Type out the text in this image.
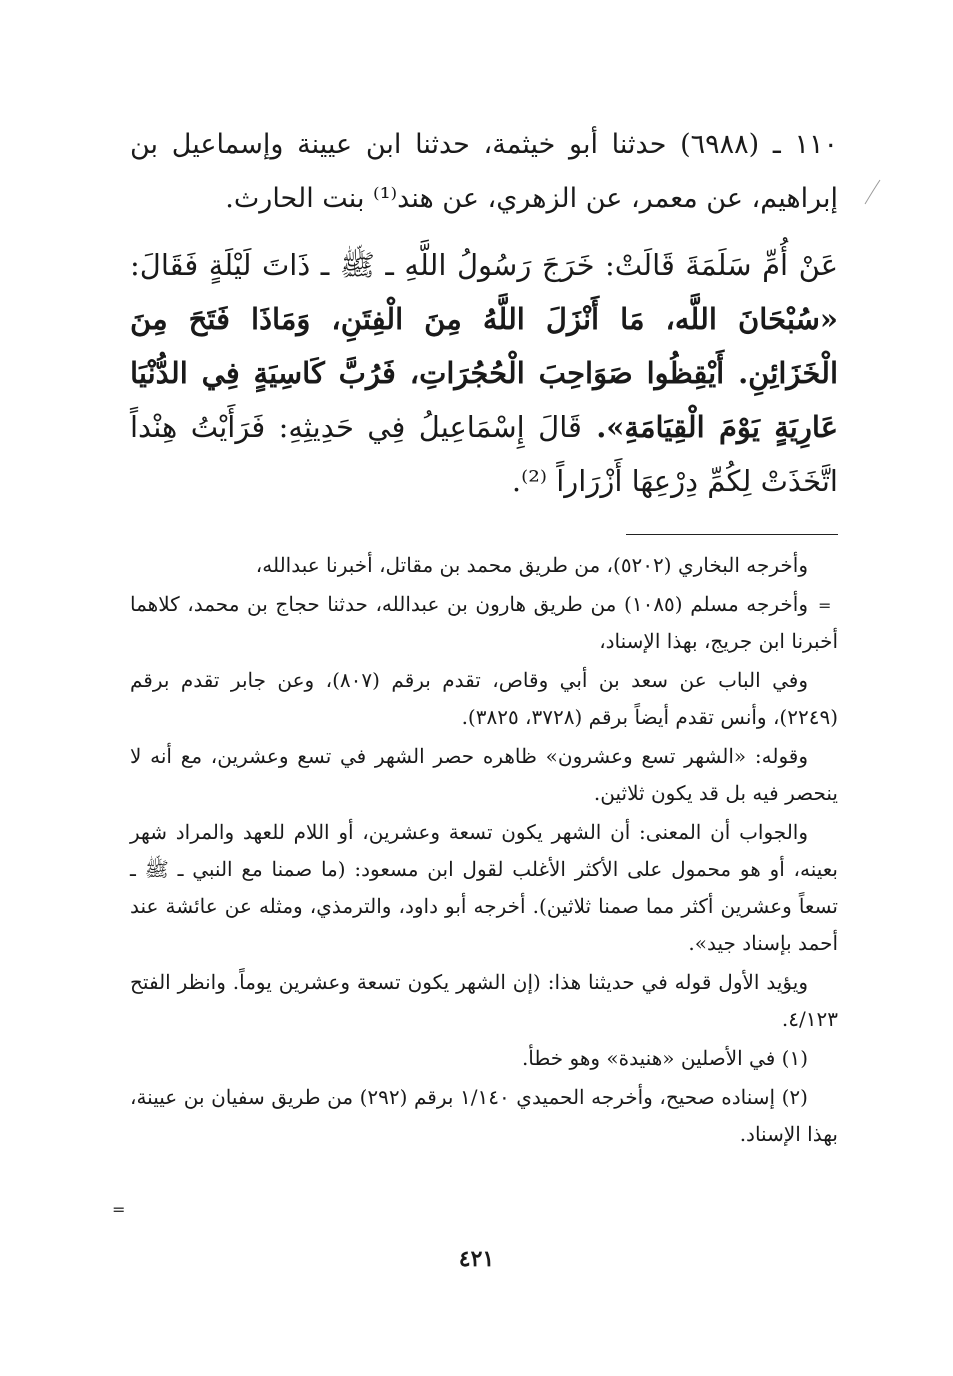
١١٠ ـ (٦٩٨٨) حدثنا أبو خيثمة، حدثنا ابن عيينة وإسماعيل بن إبراهيم، عن معمر، عن الزهري، عن هند⁽¹⁾ بنت الحارث.

عَنْ أُمِّ سَلَمَةَ قَالَتْ: خَرَجَ رَسُولُ اللَّهِ ـ ﷺ ـ ذَاتَ لَيْلَةٍ فَقَالَ: «سُبْحَانَ اللَّه، مَا أَنْزَلَ اللَّهُ مِنَ الْفِتَنِ، وَمَاذَا فَتَحَ مِنَ الْخَزَائِنِ. أَيْقِظُوا صَوَاحِبَ الْحُجُرَاتِ، فَرُبَّ كَاسِيَةٍ فِي الدُّنْيَا عَارِيَةٍ يَوْمَ الْقِيَامَةِ». قَالَ إِسْمَاعِيلُ فِي حَدِيثِهِ: فَرَأَيْتُ هِنْداً اتَّخَذَتْ لِكُمِّ دِرْعِهَا أَزْرَاراً ⁽²⁾.

وأخرجه البخاري (٥٢٠٢)، من طريق محمد بن مقاتل، أخبرنا عبدالله،

وأخرجه مسلم (١٠٨٥) من طريق هارون بن عبدالله، حدثنا حجاج بن محمد، كلاهما أخبرنا ابن جريج، بهذا الإسناد،

وفي الباب عن سعد بن أبي وقاص، تقدم برقم (٨٠٧)، وعن جابر تقدم برقم (٢٢٤٩)، وأنس تقدم أيضاً برقم (٣٧٢٨، ٣٨٢٥).

وقوله: «الشهر تسع وعشرون» ظاهره حصر الشهر في تسع وعشرين، مع أنه لا ينحصر فيه بل قد يكون ثلاثين.

والجواب أن المعنى: أن الشهر يكون تسعة وعشرين، أو اللام للعهد والمراد شهر بعينه، أو هو محمول على الأكثر الأغلب لقول ابن مسعود: (ما صمنا مع النبي ـ ﷺ ـ تسعاً وعشرين أكثر مما صمنا ثلاثين). أخرجه أبو داود، والترمذي، ومثله عن عائشة عند أحمد بإسناد جيد».

ويؤيد الأول قوله في حديثنا هذا: (إن الشهر يكون تسعة وعشرين يوماً. وانظر الفتح ٤/١٢٣.

(١) في الأصلين «هنيدة» وهو خطأ.

(٢) إسناده صحيح، وأخرجه الحميدي ١/١٤٠ برقم (٢٩٢) من طريق سفيان بن عيينة، بهذا الإسناد.

=
=
٤٢١
